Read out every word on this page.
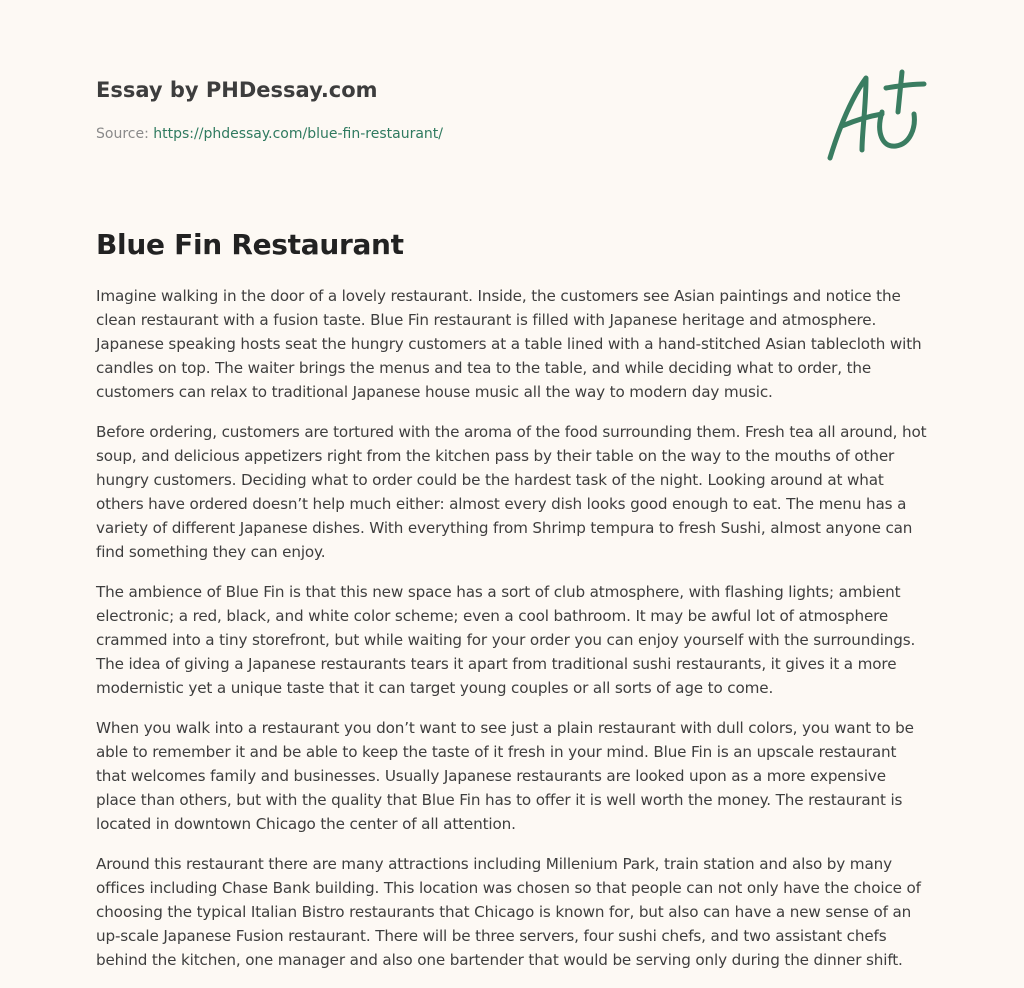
Essay by PHDessay.com
Source: https://phdessay.com/blue-fin-restaurant/
Blue Fin Restaurant

Imagine walking in the door of a lovely restaurant. Inside, the customers see Asian paintings and notice the clean restaurant with a fusion taste. Blue Fin restaurant is filled with Japanese heritage and atmosphere. Japanese speaking hosts seat the hungry customers at a table lined with a hand-stitched Asian tablecloth with candles on top. The waiter brings the menus and tea to the table, and while deciding what to order, the customers can relax to traditional Japanese house music all the way to modern day music.

Before ordering, customers are tortured with the aroma of the food surrounding them. Fresh tea all around, hot soup, and delicious appetizers right from the kitchen pass by their table on the way to the mouths of other hungry customers. Deciding what to order could be the hardest task of the night. Looking around at what others have ordered doesn’t help much either: almost every dish looks good enough to eat. The menu has a variety of different Japanese dishes. With everything from Shrimp tempura to fresh Sushi, almost anyone can find something they can enjoy.

The ambience of Blue Fin is that this new space has a sort of club atmosphere, with flashing lights; ambient electronic; a red, black, and white color scheme; even a cool bathroom. It may be awful lot of atmosphere crammed into a tiny storefront, but while waiting for your order you can enjoy yourself with the surroundings. The idea of giving a Japanese restaurants tears it apart from traditional sushi restaurants, it gives it a more modernistic yet a unique taste that it can target young couples or all sorts of age to come.

When you walk into a restaurant you don’t want to see just a plain restaurant with dull colors, you want to be able to remember it and be able to keep the taste of it fresh in your mind. Blue Fin is an upscale restaurant that welcomes family and businesses. Usually Japanese restaurants are looked upon as a more expensive place than others, but with the quality that Blue Fin has to offer it is well worth the money. The restaurant is located in downtown Chicago the center of all attention.

Around this restaurant there are many attractions including Millenium Park, train station and also by many offices including Chase Bank building. This location was chosen so that people can not only have the choice of choosing the typical Italian Bistro restaurants that Chicago is known for, but also can have a new sense of an up-scale Japanese Fusion restaurant. There will be three servers, four sushi chefs, and two assistant chefs behind the kitchen, one manager and also one bartender that would be serving only during the dinner shift.
